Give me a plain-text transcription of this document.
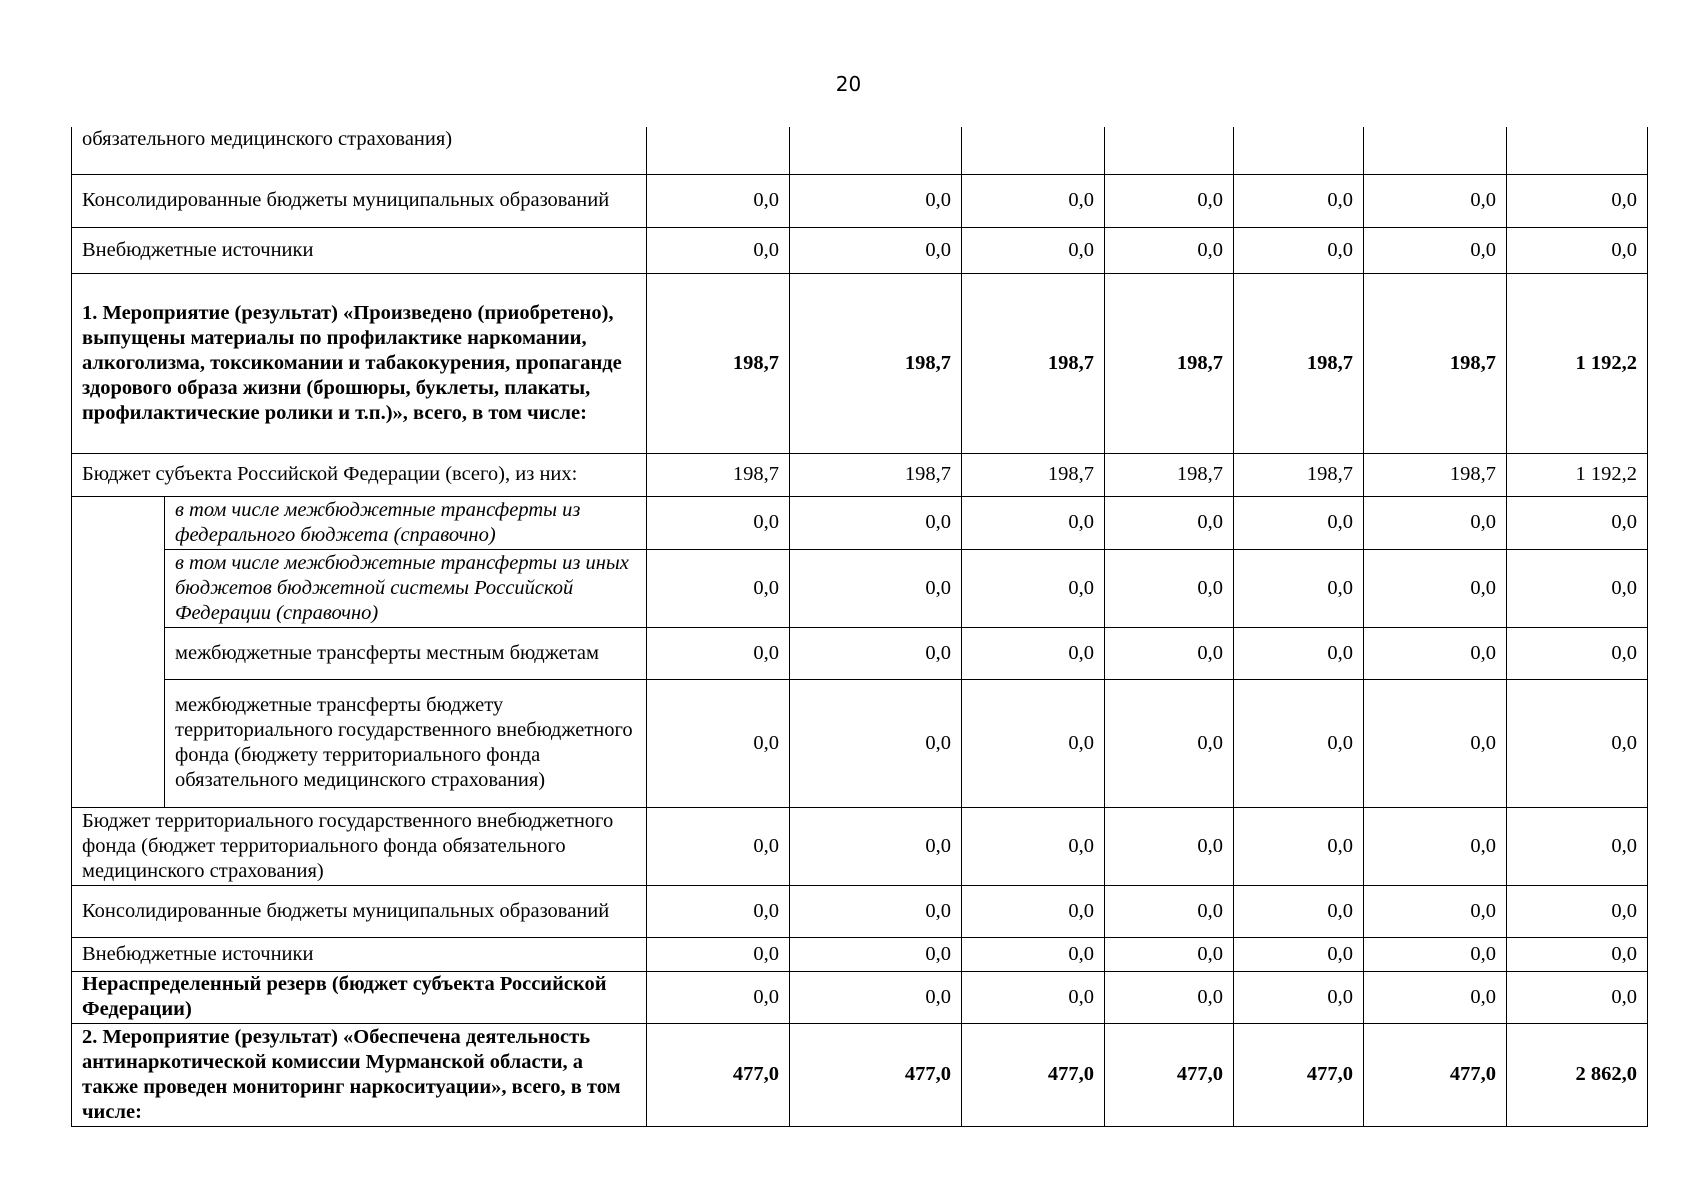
20
обязательного медицинского страхования)								
Консолидированные бюджеты муниципальных образований		0,0	0,0	0,0	0,0	0,0	0,0	0,0
Внебюджетные источники		0,0	0,0	0,0	0,0	0,0	0,0	0,0
1. Мероприятие (результат) «Произведено (приобретено), выпущены материалы по профилактике наркомании, алкоголизма, токсикомании и табакокурения, пропаганде здорового образа жизни (брошюры, буклеты, плакаты, профилактические ролики и т.п.)», всего, в том числе:		198,7	198,7	198,7	198,7	198,7	198,7	1 192,2
Бюджет субъекта Российской Федерации (всего), из них:		198,7	198,7	198,7	198,7	198,7	198,7	1 192,2
	в том числе межбюджетные трансферты из федерального бюджета (справочно)	0,0	0,0	0,0	0,0	0,0	0,0	0,0
	в том числе межбюджетные трансферты из иных бюджетов бюджетной системы Российской Федерации (справочно)	0,0	0,0	0,0	0,0	0,0	0,0	0,0
	межбюджетные трансферты местным бюджетам	0,0	0,0	0,0	0,0	0,0	0,0	0,0
	межбюджетные трансферты бюджету территориального государственного внебюджетного фонда (бюджету территориального фонда обязательного медицинского страхования)	0,0	0,0	0,0	0,0	0,0	0,0	0,0
Бюджет территориального государственного внебюджетного фонда (бюджет территориального фонда обязательного медицинского страхования)		0,0	0,0	0,0	0,0	0,0	0,0	0,0
Консолидированные бюджеты муниципальных образований		0,0	0,0	0,0	0,0	0,0	0,0	0,0
Внебюджетные источники		0,0	0,0	0,0	0,0	0,0	0,0	0,0
Нераспределенный резерв (бюджет субъекта Российской Федерации)		0,0	0,0	0,0	0,0	0,0	0,0	0,0
2. Мероприятие (результат) «Обеспечена деятельность антинаркотической комиссии Мурманской области, а также проведен мониторинг наркоситуации», всего, в том числе:		477,0	477,0	477,0	477,0	477,0	477,0	2 862,0
